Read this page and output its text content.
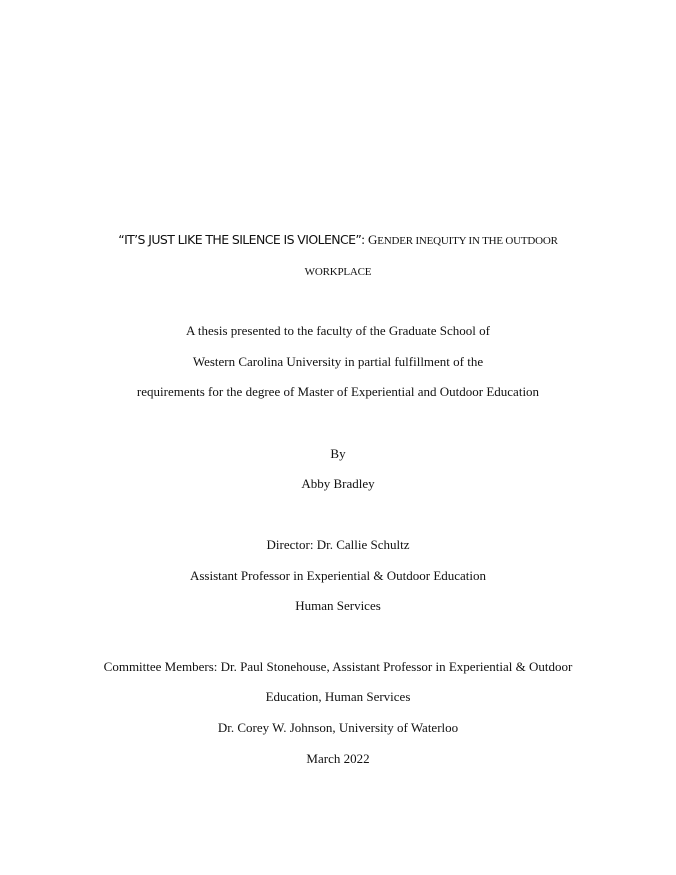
“IT’S JUST LIKE THE SILENCE IS VIOLENCE”: GENDER INEQUITY IN THE OUTDOOR
WORKPLACE
A thesis presented to the faculty of the Graduate School of
Western Carolina University in partial fulfillment of the
requirements for the degree of Master of Experiential and Outdoor Education
By
Abby Bradley
Director: Dr. Callie Schultz
Assistant Professor in Experiential & Outdoor Education
Human Services
Committee Members: Dr. Paul Stonehouse, Assistant Professor in Experiential & Outdoor
Education, Human Services
Dr. Corey W. Johnson, University of Waterloo
March 2022
